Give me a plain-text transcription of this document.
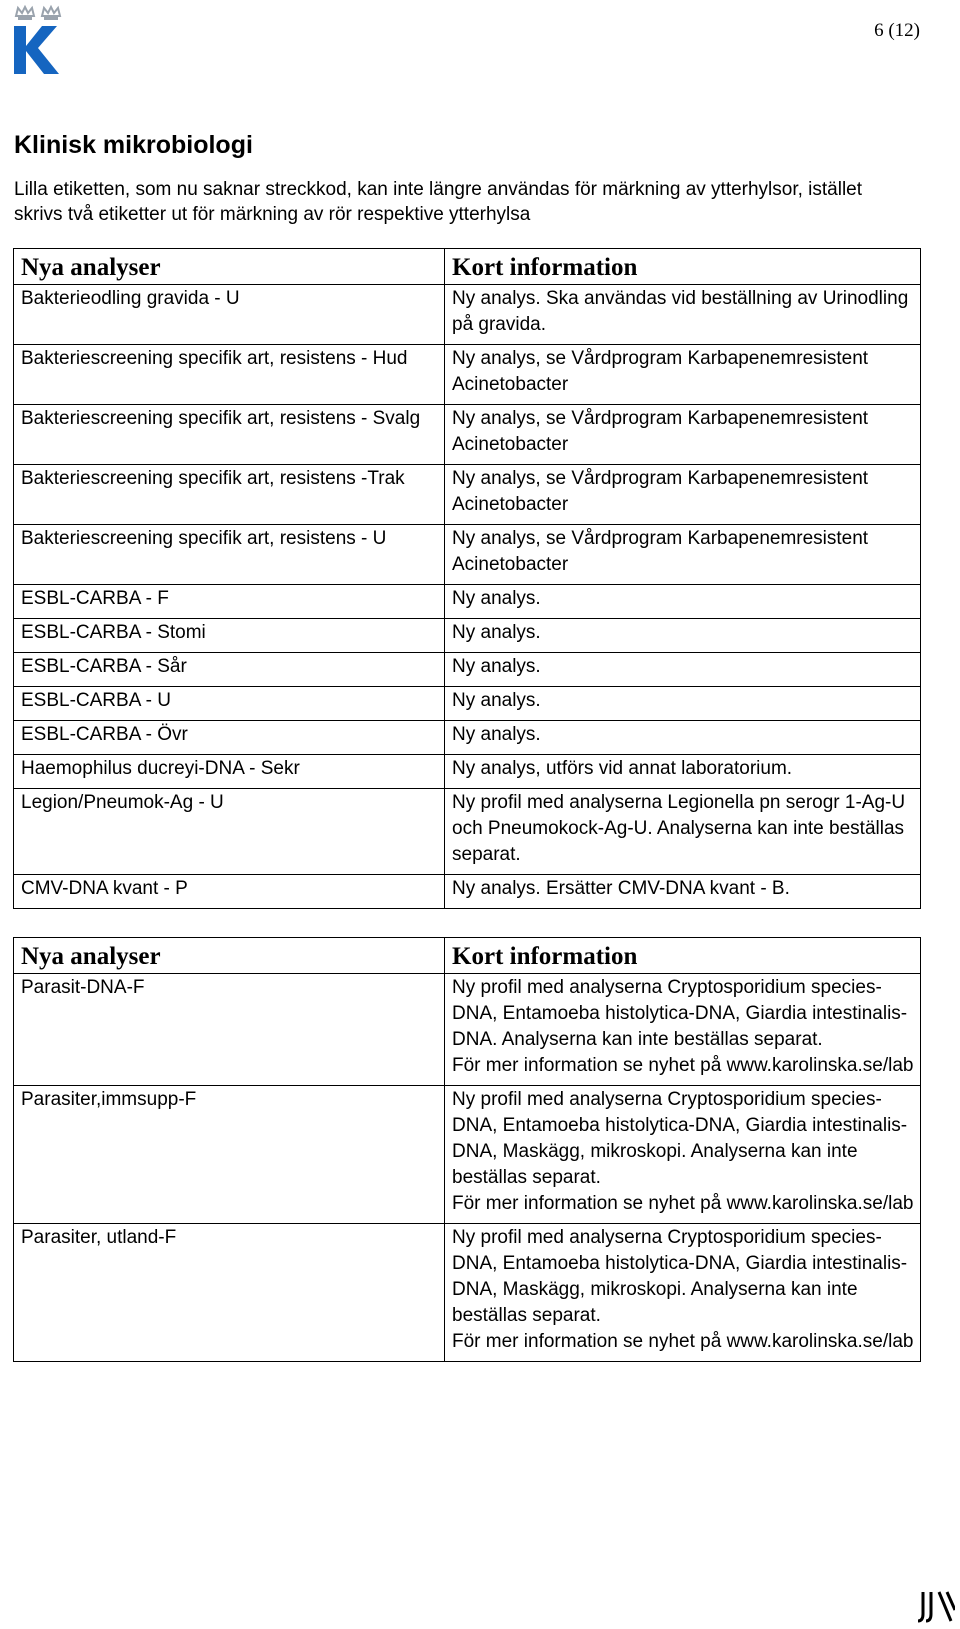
6 (12)
Klinisk mikrobiologi

Lilla etiketten, som nu saknar streckkod, kan inte längre användas för märkning av ytterhylsor, istället skrivs två etiketter ut för märkning av rör respektive ytterhylsa

Nya analyser	Kort information
Bakterieodling gravida - U	Ny analys. Ska användas vid beställning av Urinodling på gravida.
Bakteriescreening specifik art, resistens - Hud	Ny analys, se Vårdprogram Karbapenemresistent Acinetobacter
Bakteriescreening specifik art, resistens - Svalg	Ny analys, se Vårdprogram Karbapenemresistent Acinetobacter
Bakteriescreening specifik art, resistens -Trak	Ny analys, se Vårdprogram Karbapenemresistent Acinetobacter
Bakteriescreening specifik art, resistens - U	Ny analys, se Vårdprogram Karbapenemresistent Acinetobacter
ESBL-CARBA - F	Ny analys.
ESBL-CARBA - Stomi	Ny analys.
ESBL-CARBA - Sår	Ny analys.
ESBL-CARBA - U	Ny analys.
ESBL-CARBA - Övr	Ny analys.
Haemophilus ducreyi-DNA - Sekr	Ny analys, utförs vid annat laboratorium.
Legion/Pneumok-Ag - U	Ny profil med analyserna Legionella pn serogr 1-Ag-U och Pneumokock-Ag-U. Analyserna kan inte beställas separat.
CMV-DNA kvant - P	Ny analys. Ersätter CMV-DNA kvant - B.
Nya analyser	Kort information
Parasit-DNA-F	Ny profil med analyserna Cryptosporidium species-DNA, Entamoeba histolytica-DNA, Giardia intestinalis-DNA. Analyserna kan inte beställas separat.
För mer information se nyhet på www.karolinska.se/lab

Parasiter,immsupp-F	Ny profil med analyserna Cryptosporidium species-DNA, Entamoeba histolytica-DNA, Giardia intestinalis-DNA, Maskägg, mikroskopi. Analyserna kan inte beställas separat.
För mer information se nyhet på www.karolinska.se/lab

Parasiter, utland-F	Ny profil med analyserna Cryptosporidium species-DNA, Entamoeba histolytica-DNA, Giardia intestinalis-DNA, Maskägg, mikroskopi. Analyserna kan inte beställas separat.
För mer information se nyhet på www.karolinska.se/lab
